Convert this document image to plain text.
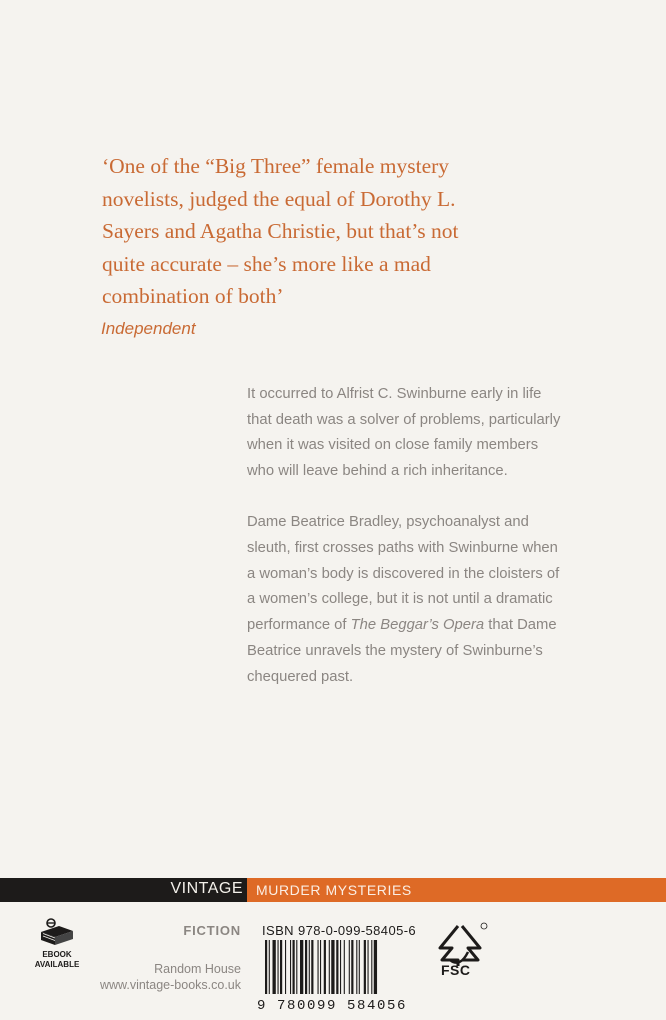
‘One of the “Big Three” female mystery
novelists, judged the equal of Dorothy L.
Sayers and Agatha Christie, but that’s not
quite accurate – she’s more like a mad
combination of both’
Independent

It occurred to Alfrist C. Swinburne early in life
that death was a solver of problems, particularly
when it was visited on close family members
who will leave behind a rich inheritance.

Dame Beatrice Bradley, psychoanalyst and
sleuth, first crosses paths with Swinburne when
a woman’s body is discovered in the cloisters of
a women’s college, but it is not until a dramatic
performance of The Beggar’s Opera that Dame
Beatrice unravels the mystery of Swinburne’s
chequered past.

VINTAGE MURDER MYSTERIES
EBOOK
AVAILABLE
FICTION
Random House
www.vintage-books.co.uk
ISBN 978-0-099-58405-6
9 780099 584056
FSC
